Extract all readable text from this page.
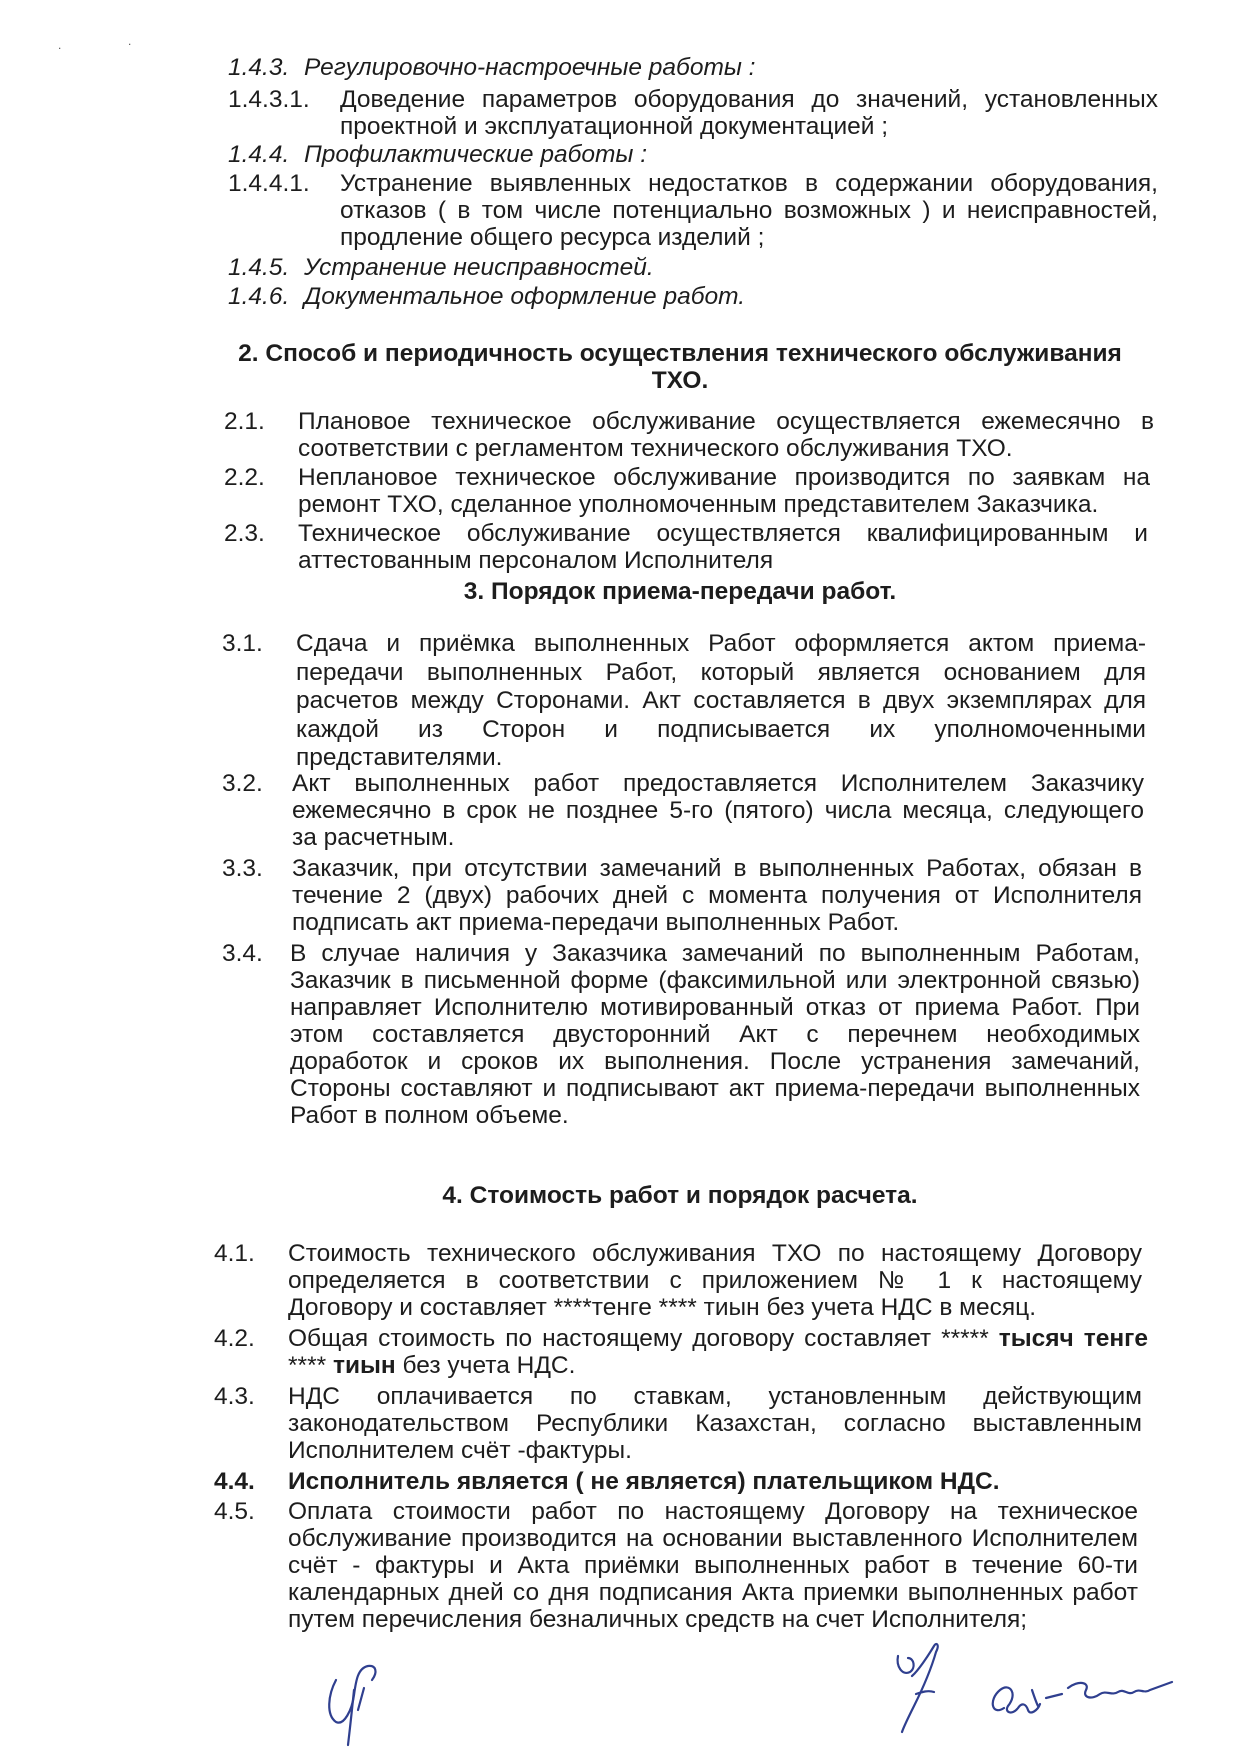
.	.
1.4.3. Регулировочно-настроечные работы :
1.4.3.1. Доведение параметров оборудования до значений, установленных
проектной и эксплуатационной документацией ;
1.4.4. Профилактические работы :
1.4.4.1. Устранение выявленных недостатков в содержании оборудования,
отказов ( в том числе потенциально возможных ) и неисправностей,
продление общего ресурса изделий ;
1.4.5. Устранение неисправностей.
1.4.6. Документальное оформление работ.
2. Способ и периодичность осуществления технического обслуживания
ТХО.
2.1. Плановое техническое обслуживание осуществляется ежемесячно в
соответствии с регламентом технического обслуживания ТХО.
2.2. Неплановое техническое обслуживание производится по заявкам на
ремонт ТХО, сделанное уполномоченным представителем Заказчика.
2.3. Техническое обслуживание осуществляется квалифицированным и
аттестованным персоналом Исполнителя
3. Порядок приема-передачи работ.
3.1. Сдача и приёмка выполненных Работ оформляется актом приема-
передачи выполненных Работ, который является основанием для
расчетов между Сторонами. Акт составляется в двух экземплярах для
каждой из Сторон и подписывается их уполномоченными
представителями.
3.2. Акт выполненных работ предоставляется Исполнителем Заказчику
ежемесячно в срок не позднее 5-го (пятого) числа месяца, следующего
за расчетным.
3.3. Заказчик, при отсутствии замечаний в выполненных Работах, обязан в
течение 2 (двух) рабочих дней с момента получения от Исполнителя
подписать акт приема-передачи выполненных Работ.
3.4. В случае наличия у Заказчика замечаний по выполненным Работам,
Заказчик в письменной форме (факсимильной или электронной связью)
направляет Исполнителю мотивированный отказ от приема Работ. При
этом составляется двусторонний Акт с перечнем необходимых
доработок и сроков их выполнения. После устранения замечаний,
Стороны составляют и подписывают акт приема-передачи выполненных
Работ в полном объеме.
4. Стоимость работ и порядок расчета.
4.1. Стоимость технического обслуживания ТХО по настоящему Договору
определяется в соответствии с приложением № 1 к настоящему
Договору и составляет ****тенге **** тиын без учета НДС в месяц.
4.2. Общая стоимость по настоящему договору составляет ***** тысяч тенге
**** тиын без учета НДС.
4.3. НДС оплачивается по ставкам, установленным действующим
законодательством Республики Казахстан, согласно выставленным
Исполнителем счёт -фактуры.
4.4. Исполнитель является ( не является) плательщиком НДС.
4.5. Оплата стоимости работ по настоящему Договору на техническое
обслуживание производится на основании выставленного Исполнителем
счёт - фактуры и Акта приёмки выполненных работ в течение 60-ти
календарных дней со дня подписания Акта приемки выполненных работ
путем перечисления безналичных средств на счет Исполнителя;
